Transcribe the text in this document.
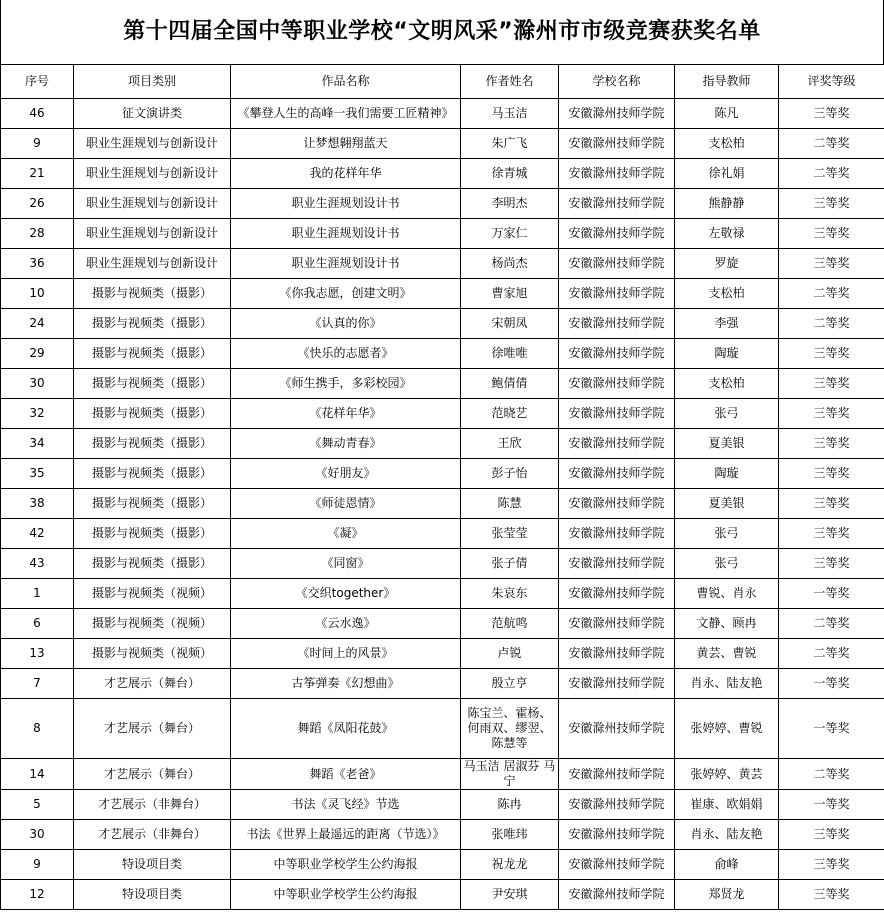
第十四届全国中等职业学校“文明风采”滁州市市级竞赛获奖名单
序号	项目类别	作品名称	作者姓名	学校名称	指导教师	评奖等级
46	征文演讲类	《攀登人生的高峰一我们需要工匠精神》	马玉洁	安徽滁州技师学院	陈凡	三等奖
9	职业生涯规划与创新设计	让梦想翱翔蓝天	朱广飞	安徽滁州技师学院	支松柏	二等奖
21	职业生涯规划与创新设计	我的花样年华	徐青城	安徽滁州技师学院	徐礼娟	二等奖
26	职业生涯规划与创新设计	职业生涯规划设计书	李明杰	安徽滁州技师学院	熊静静	三等奖
28	职业生涯规划与创新设计	职业生涯规划设计书	万家仁	安徽滁州技师学院	左敬禄	三等奖
36	职业生涯规划与创新设计	职业生涯规划设计书	杨尚杰	安徽滁州技师学院	罗旋	三等奖
10	摄影与视频类（摄影）	《你我志愿，创建文明》	曹家旭	安徽滁州技师学院	支松柏	二等奖
24	摄影与视频类（摄影）	《认真的你》	宋朝凤	安徽滁州技师学院	李强	二等奖
29	摄影与视频类（摄影）	《快乐的志愿者》	徐唯唯	安徽滁州技师学院	陶璇	三等奖
30	摄影与视频类（摄影）	《师生携手，多彩校园》	鲍倩倩	安徽滁州技师学院	支松柏	三等奖
32	摄影与视频类（摄影）	《花样年华》	范晓艺	安徽滁州技师学院	张弓	三等奖
34	摄影与视频类（摄影）	《舞动青春》	王欣	安徽滁州技师学院	夏美银	三等奖
35	摄影与视频类（摄影）	《好朋友》	彭子怡	安徽滁州技师学院	陶璇	三等奖
38	摄影与视频类（摄影）	《师徒恩情》	陈慧	安徽滁州技师学院	夏美银	三等奖
42	摄影与视频类（摄影）	《凝》	张莹莹	安徽滁州技师学院	张弓	三等奖
43	摄影与视频类（摄影）	《同窗》	张子倩	安徽滁州技师学院	张弓	三等奖
1	摄影与视频类（视频）	《交织together》	朱哀东	安徽滁州技师学院	曹锐、肖永	一等奖
6	摄影与视频类（视频）	《云水逸》	范航鸣	安徽滁州技师学院	文静、顾冉	二等奖
13	摄影与视频类（视频）	《时间上的风景》	卢锐	安徽滁州技师学院	黄芸、曹锐	二等奖
7	才艺展示（舞台）	古筝弹奏《幻想曲》	殷立亨	安徽滁州技师学院	肖永、陆友艳	一等奖
8	才艺展示（舞台）	舞蹈《凤阳花鼓》	陈宝兰、霍杨、何雨双、缪翌、陈慧等	安徽滁州技师学院	张婷婷、曹锐	一等奖
14	才艺展示（舞台）	舞蹈《老爸》	马玉洁 居淑芬 马宁	安徽滁州技师学院	张婷婷、黄芸	二等奖
5	才艺展示（非舞台）	书法《灵飞经》节选	陈冉	安徽滁州技师学院	崔康、欧娟娟	一等奖
30	才艺展示（非舞台）	书法《世界上最遥远的距离（节选）》	张唯玮	安徽滁州技师学院	肖永、陆友艳	三等奖
9	特设项目类	中等职业学校学生公约海报	祝龙龙	安徽滁州技师学院	俞峰	三等奖
12	特设项目类	中等职业学校学生公约海报	尹安琪	安徽滁州技师学院	郑贤龙	三等奖
